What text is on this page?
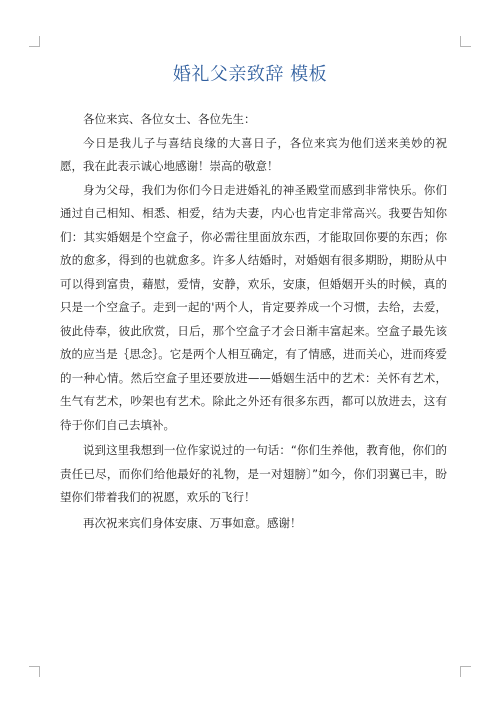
婚礼父亲致辞 模板

各位来宾、各位女士、各位先生：

今日是我儿子与喜结良缘的大喜日子，各位来宾为他们送来美妙的祝愿，我在此表示诚心地感谢！崇高的敬意！

身为父母，我们为你们今日走进婚礼的神圣殿堂而感到非常快乐。你们通过自己相知、相悉、相爱，结为夫妻，内心也肯定非常高兴。我要告知你们：其实婚姻是个空盒子，你必需往里面放东西，才能取回你要的东西；你放的愈多，得到的也就愈多。许多人结婚时，对婚姻有很多期盼，期盼从中可以得到富贵，藉慰，爱情，安静，欢乐，安康，但婚姻开头的时候，真的只是一个空盒子。走到一起的'两个人，肯定要养成一个习惯，去给，去爱，彼此侍奉，彼此欣赏，日后，那个空盒子才会日渐丰富起来。空盒子最先该放的应当是｛思念｝。它是两个人相互确定，有了情感，进而关心，进而疼爱的一种心情。然后空盒子里还要放进——婚姻生活中的艺术：关怀有艺术，生气有艺术，吵架也有艺术。除此之外还有很多东西，都可以放进去，这有待于你们自己去填补。

说到这里我想到一位作家说过的一句话：“你们生养他，教育他，你们的责任已尽，而你们给他最好的礼物，是一对翅膀〕”如今，你们羽翼已丰，盼望你们带着我们的祝愿，欢乐的飞行！

再次祝来宾们身体安康、万事如意。感谢！
